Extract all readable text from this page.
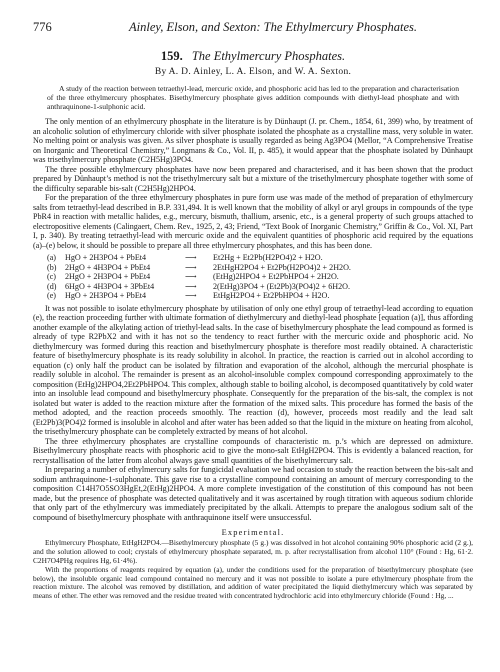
776	Ainley, Elson, and Sexton: The Ethylmercury Phosphates.
159. The Ethylmercury Phosphates.
By A. D. Ainley, L. A. Elson, and W. A. Sexton.
A study of the reaction between tetraethyl-lead, mercuric oxide, and phosphoric acid has led to the preparation and characterisation of the three ethylmercury phosphates. Bisethylmercury phosphate gives addition compounds with diethyl-lead phosphate and with anthraquinone-1-sulphonic acid.

The only mention of an ethylmercury phosphate in the literature is by Dünhaupt (J. pr. Chem., 1854, 61, 399) who, by treatment of an alcoholic solution of ethylmercury chloride with silver phosphate isolated the phosphate as a crystalline mass, very soluble in water. No melting point or analysis was given. As silver phosphate is usually regarded as being Ag3PO4 (Mellor, “A Comprehensive Treatise on Inorganic and Theoretical Chemistry,” Longmans & Co., Vol. II, p. 485), it would appear that the phosphate isolated by Dünhaupt was trisethylmercury phosphate (C2H5Hg)3PO4.

The three possible ethylmercury phosphates have now been prepared and characterised, and it has been shown that the product prepared by Dünhaupt’s method is not the trisethylmercury salt but a mixture of the trisethylmercury phosphate together with some of the difficulty separable bis-salt (C2H5Hg)2HPO4.

For the preparation of the three ethylmercury phosphates in pure form use was made of the method of preparation of ethylmercury salts from tetraethyl-lead described in B.P. 331,494. It is well known that the mobility of alkyl or aryl groups in compounds of the type PbR4 in reaction with metallic halides, e.g., mercury, bismuth, thallium, arsenic, etc., is a general property of such groups attached to electropositive elements (Calingaert, Chem. Rev., 1925, 2, 43; Friend, “Text Book of Inorganic Chemistry,” Griffin & Co., Vol. XI, Part I, p. 340). By treating tetraethyl-lead with mercuric oxide and the equivalent quantities of phosphoric acid required by the equations (a)–(e) below, it should be possible to prepare all three ethylmercury phosphates, and this has been done.

(a)	HgO + 2H3PO4 + PbEt4	⟶	Et2Hg + Et2Pb(H2PO4)2 + H2O.
(b)	2HgO + 4H3PO4 + PbEt4	⟶	2EtHgH2PO4 + Et2Pb(H2PO4)2 + 2H2O.
(c)	2HgO + 2H3PO4 + PbEt4	⟶	(EtHg)2HPO4 + Et2PbHPO4 + 2H2O.
(d)	6HgO + 4H3PO4 + 3PbEt4	⟶	2(EtHg)3PO4 + (Et2Pb)3(PO4)2 + 6H2O.
(e)	HgO + 2H3PO4 + PbEt4	⟶	EtHgH2PO4 + Et2PbHPO4 + H2O.

It was not possible to isolate ethylmercury phosphate by utilisation of only one ethyl group of tetraethyl-lead according to equation (e), the reaction proceeding further with ultimate formation of diethylmercury and diethyl-lead phosphate [equation (a)], thus affording another example of the alkylating action of triethyl-lead salts. In the case of bisethylmercury phosphate the lead compound as formed is already of type R2PbX2 and with it has not so the tendency to react further with the mercuric oxide and phosphoric acid. No diethylmercury was formed during this reaction and bisethylmercury phosphate is therefore most readily obtained. A characteristic feature of bisethylmercury phosphate is its ready solubility in alcohol. In practice, the reaction is carried out in alcohol according to equation (c) only half the product can be isolated by filtration and evaporation of the alcohol, although the mercurial phosphate is readily soluble in alcohol. The remainder is present as an alcohol-insoluble complex compound corresponding approximately to the composition (EtHg)2HPO4,2Et2PbHPO4. This complex, although stable to boiling alcohol, is decomposed quantitatively by cold water into an insoluble lead compound and bisethylmercury phosphate. Consequently for the preparation of the bis-salt, the complex is not isolated but water is added to the reaction mixture after the formation of the mixed salts. This procedure has formed the basis of the method adopted, and the reaction proceeds smoothly. The reaction (d), however, proceeds most readily and the lead salt (Et2Pb)3(PO4)2 formed is insoluble in alcohol and after water has been added so that the liquid in the mixture on heating from alcohol, the trisethylmercury phosphate can be completely extracted by means of hot alcohol.

The three ethylmercury phosphates are crystalline compounds of characteristic m. p.’s which are depressed on admixture. Bisethylmercury phosphate reacts with phosphoric acid to give the mono-salt EtHgH2PO4. This is evidently a balanced reaction, for recrystallisation of the latter from alcohol always gave small quantities of the bisethylmercury salt.

In preparing a number of ethylmercury salts for fungicidal evaluation we had occasion to study the reaction between the bis-salt and sodium anthraquinone-1-sulphonate. This gave rise to a crystalline compound containing an amount of mercury corresponding to the composition C14H7O5SO3HgEt,2(EtHg)2HPO4. A more complete investigation of the constitution of this compound has not been made, but the presence of phosphate was detected qualitatively and it was ascertained by rough titration with aqueous sodium chloride that only part of the ethylmercury was immediately precipitated by the alkali. Attempts to prepare the analogous sodium salt of the compound of bisethylmercury phosphate with anthraquinone itself were unsuccessful.

Experimental.

Ethylmercury Phosphate, EtHgH2PO4.—Bisethylmercury phosphate (5 g.) was dissolved in hot alcohol containing 90% phosphoric acid (2 g.), and the solution allowed to cool; crystals of ethylmercury phosphate separated, m. p. after recrystallisation from alcohol 110° (Found : Hg, 61·2. C2H7O4PHg requires Hg, 61·4%).

With the proportions of reagents required by equation (a), under the conditions used for the preparation of bisethylmercury phosphate (see below), the insoluble organic lead compound contained no mercury and it was not possible to isolate a pure ethylmercury phosphate from the reaction mixture. The alcohol was removed by distillation, and addition of water precipitated the liquid diethylmercury which was separated by means of ether. The ether was removed and the residue treated with concentrated hydrochloric acid into ethylmercury chloride (Found : Hg, ...
